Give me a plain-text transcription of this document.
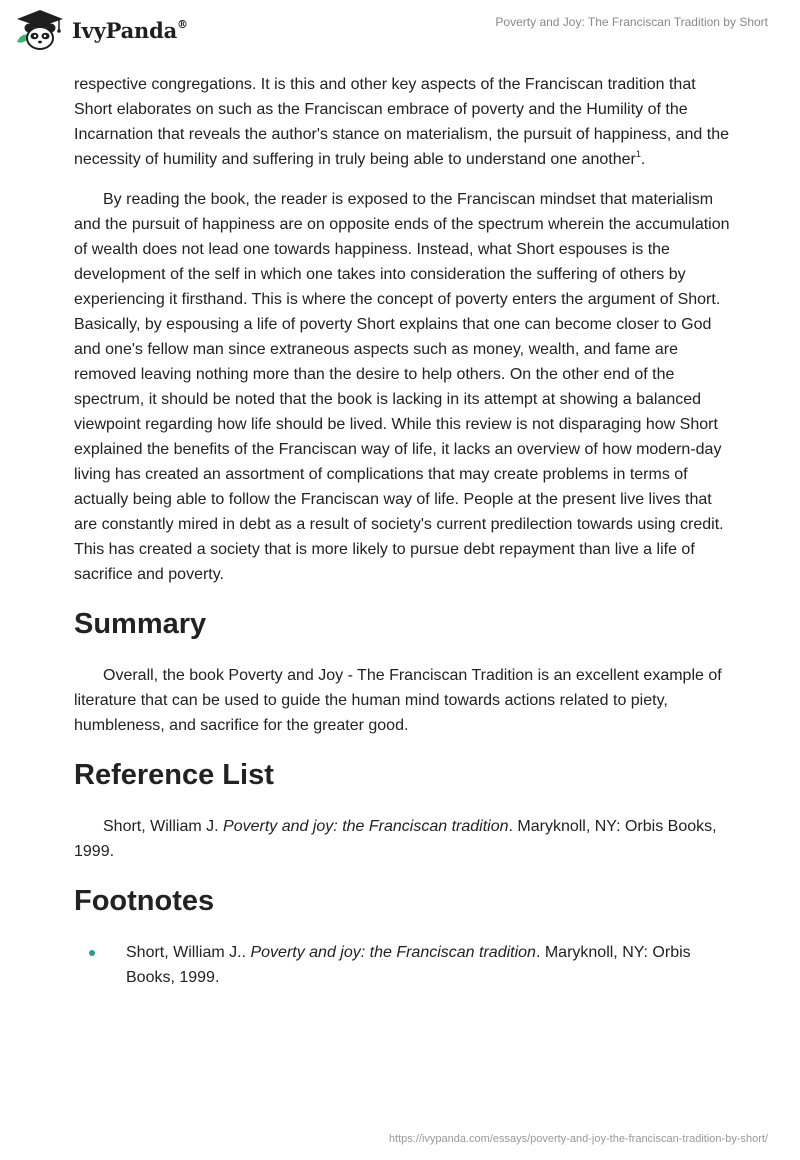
IvyPanda®	Poverty and Joy: The Franciscan Tradition by Short

respective congregations. It is this and other key aspects of the Franciscan tradition that Short elaborates on such as the Franciscan embrace of poverty and the Humility of the Incarnation that reveals the author's stance on materialism, the pursuit of happiness, and the necessity of humility and suffering in truly being able to understand one another$^1$.

By reading the book, the reader is exposed to the Franciscan mindset that materialism and the pursuit of happiness are on opposite ends of the spectrum wherein the accumulation of wealth does not lead one towards happiness. Instead, what Short espouses is the development of the self in which one takes into consideration the suffering of others by experiencing it firsthand. This is where the concept of poverty enters the argument of Short. Basically, by espousing a life of poverty Short explains that one can become closer to God and one's fellow man since extraneous aspects such as money, wealth, and fame are removed leaving nothing more than the desire to help others. On the other end of the spectrum, it should be noted that the book is lacking in its attempt at showing a balanced viewpoint regarding how life should be lived. While this review is not disparaging how Short explained the benefits of the Franciscan way of life, it lacks an overview of how modern-day living has created an assortment of complications that may create problems in terms of actually being able to follow the Franciscan way of life. People at the present live lives that are constantly mired in debt as a result of society's current predilection towards using credit. This has created a society that is more likely to pursue debt repayment than live a life of sacrifice and poverty.

Summary

Overall, the book Poverty and Joy - The Franciscan Tradition is an excellent example of literature that can be used to guide the human mind towards actions related to piety, humbleness, and sacrifice for the greater good.

Reference List

Short, William J. Poverty and joy: the Franciscan tradition. Maryknoll, NY: Orbis Books, 1999.

Footnotes
Short, William J.. Poverty and joy: the Franciscan tradition. Maryknoll, NY: Orbis Books, 1999.
https://ivypanda.com/essays/poverty-and-joy-the-franciscan-tradition-by-short/
